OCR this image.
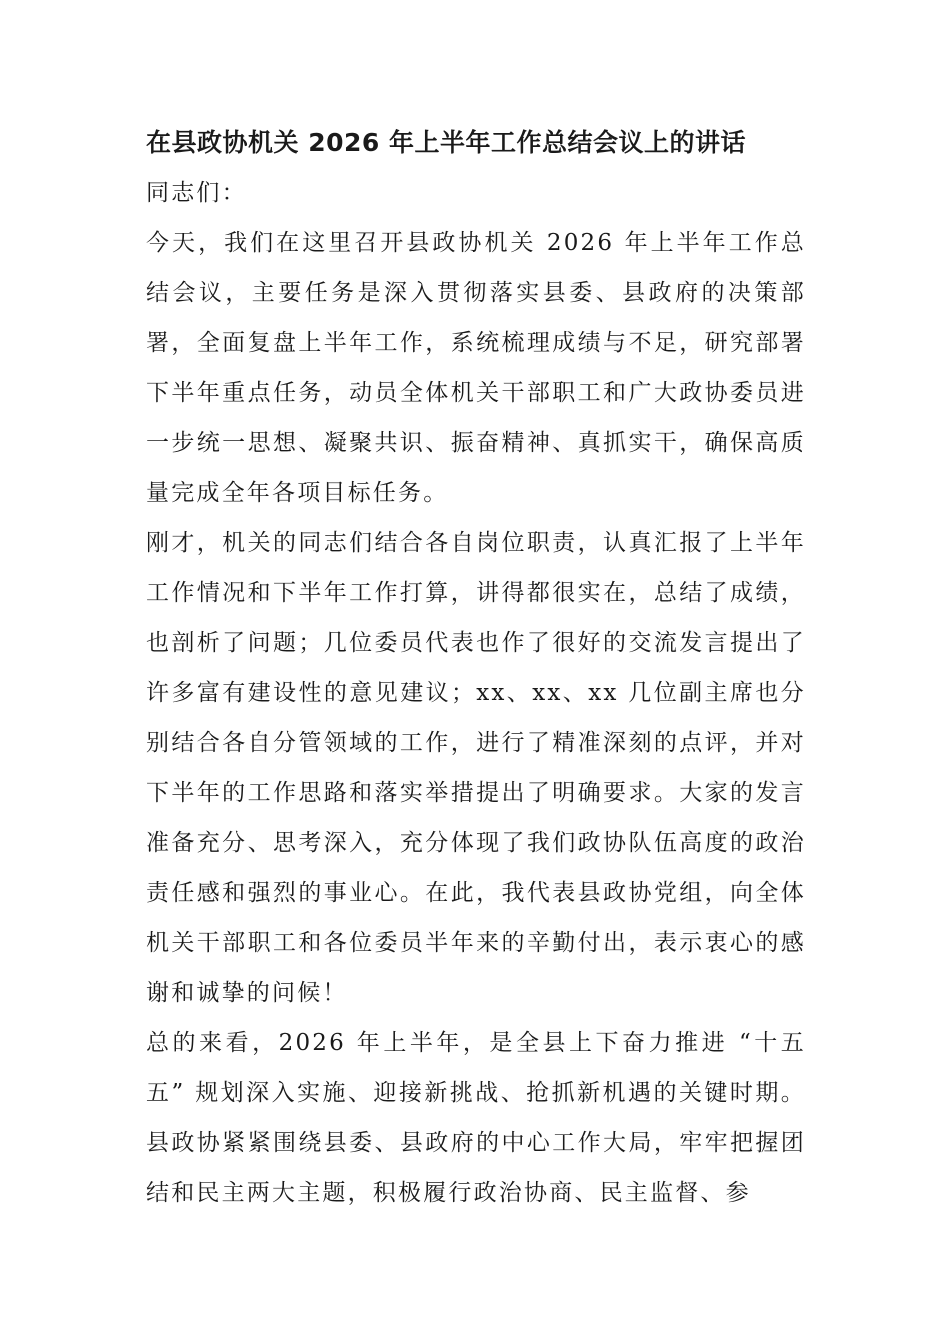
在县政协机关 2026 年上半年工作总结会议上的讲话

同志们：

今天，我们在这里召开县政协机关 2026 年上半年工作总结会议，主要任务是深入贯彻落实县委、县政府的决策部署，全面复盘上半年工作，系统梳理成绩与不足，研究部署下半年重点任务，动员全体机关干部职工和广大政协委员进一步统一思想、凝聚共识、振奋精神、真抓实干，确保高质量完成全年各项目标任务。

刚才，机关的同志们结合各自岗位职责，认真汇报了上半年工作情况和下半年工作打算，讲得都很实在，总结了成绩，也剖析了问题；几位委员代表也作了很好的交流发言提出了许多富有建设性的意见建议；xx、xx、xx 几位副主席也分别结合各自分管领域的工作，进行了精准深刻的点评，并对下半年的工作思路和落实举措提出了明确要求。大家的发言准备充分、思考深入，充分体现了我们政协队伍高度的政治责任感和强烈的事业心。在此，我代表县政协党组，向全体机关干部职工和各位委员半年来的辛勤付出，表示衷心的感谢和诚挚的问候！

总的来看，2026 年上半年，是全县上下奋力推进 “十五五” 规划深入实施、迎接新挑战、抢抓新机遇的关键时期。县政协紧紧围绕县委、县政府的中心工作大局，牢牢把握团结和民主两大主题，积极履行政治协商、民主监督、参
